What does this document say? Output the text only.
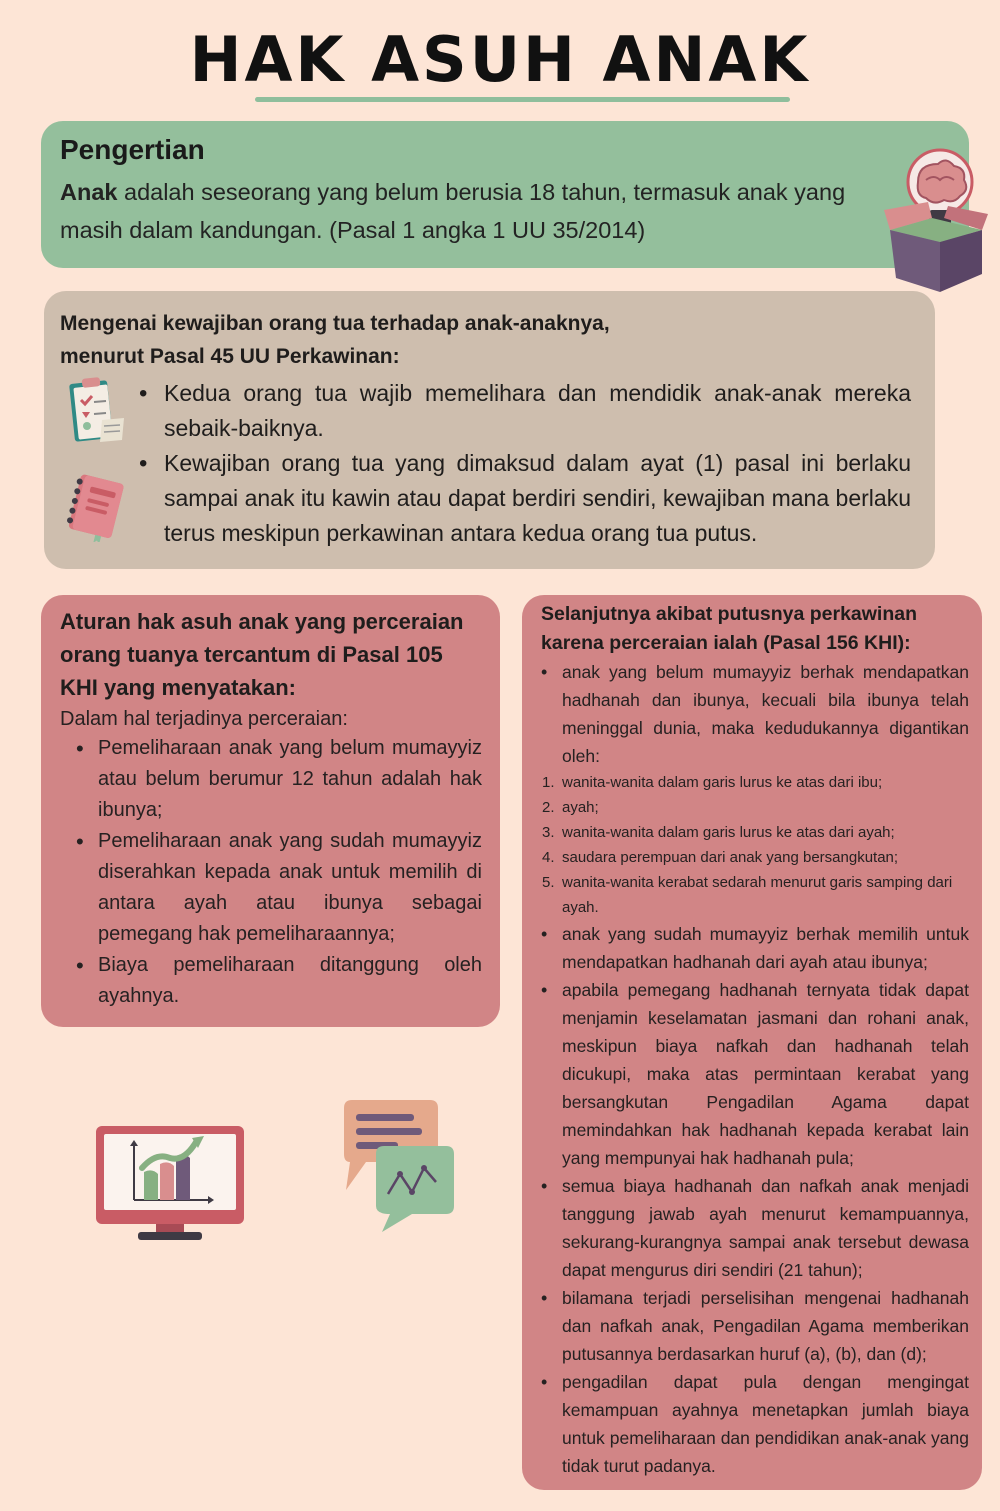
HAK ASUH ANAK
Pengertian

Anak adalah seseorang yang belum berusia 18 tahun, termasuk anak yang masih dalam kandungan. (Pasal 1 angka 1 UU 35/2014)

Mengenai kewajiban orang tua terhadap anak-anaknya,
menurut Pasal 45 UU Perkawinan:
• Kedua orang tua wajib memelihara dan mendidik anak-anak mereka sebaik-baiknya.
• Kewajiban orang tua yang dimaksud dalam ayat (1) pasal ini berlaku sampai anak itu kawin atau dapat berdiri sendiri, kewajiban mana berlaku terus meskipun perkawinan antara kedua orang tua putus.
Aturan hak asuh anak yang perceraian orang tuanya tercantum di Pasal 105 KHI yang menyatakan:
Dalam hal terjadinya perceraian:
• Pemeliharaan anak yang belum mumayyiz atau belum berumur 12 tahun adalah hak ibunya;
• Pemeliharaan anak yang sudah mumayyiz diserahkan kepada anak untuk memilih di antara ayah atau ibunya sebagai pemegang hak pemeliharaannya;
• Biaya pemeliharaan ditanggung oleh ayahnya.
Selanjutnya akibat putusnya perkawinan karena perceraian ialah (Pasal 156 KHI):
• anak yang belum mumayyiz berhak mendapatkan hadhanah dan ibunya, kecuali bila ibunya telah meninggal dunia, maka kedudukannya digantikan oleh:
1. wanita-wanita dalam garis lurus ke atas dari ibu;
2. ayah;
3. wanita-wanita dalam garis lurus ke atas dari ayah;
4. saudara perempuan dari anak yang bersangkutan;
5. wanita-wanita kerabat sedarah menurut garis samping dari ayah.
• anak yang sudah mumayyiz berhak memilih untuk mendapatkan hadhanah dari ayah atau ibunya;
• apabila pemegang hadhanah ternyata tidak dapat menjamin keselamatan jasmani dan rohani anak, meskipun biaya nafkah dan hadhanah telah dicukupi, maka atas permintaan kerabat yang bersangkutan Pengadilan Agama dapat memindahkan hak hadhanah kepada kerabat lain yang mempunyai hak hadhanah pula;
• semua biaya hadhanah dan nafkah anak menjadi tanggung jawab ayah menurut kemampuannya, sekurang-kurangnya sampai anak tersebut dewasa dapat mengurus diri sendiri (21 tahun);
• bilamana terjadi perselisihan mengenai hadhanah dan nafkah anak, Pengadilan Agama memberikan putusannya berdasarkan huruf (a), (b), dan (d);
• pengadilan dapat pula dengan mengingat kemampuan ayahnya menetapkan jumlah biaya untuk pemeliharaan dan pendidikan anak-anak yang tidak turut padanya.
